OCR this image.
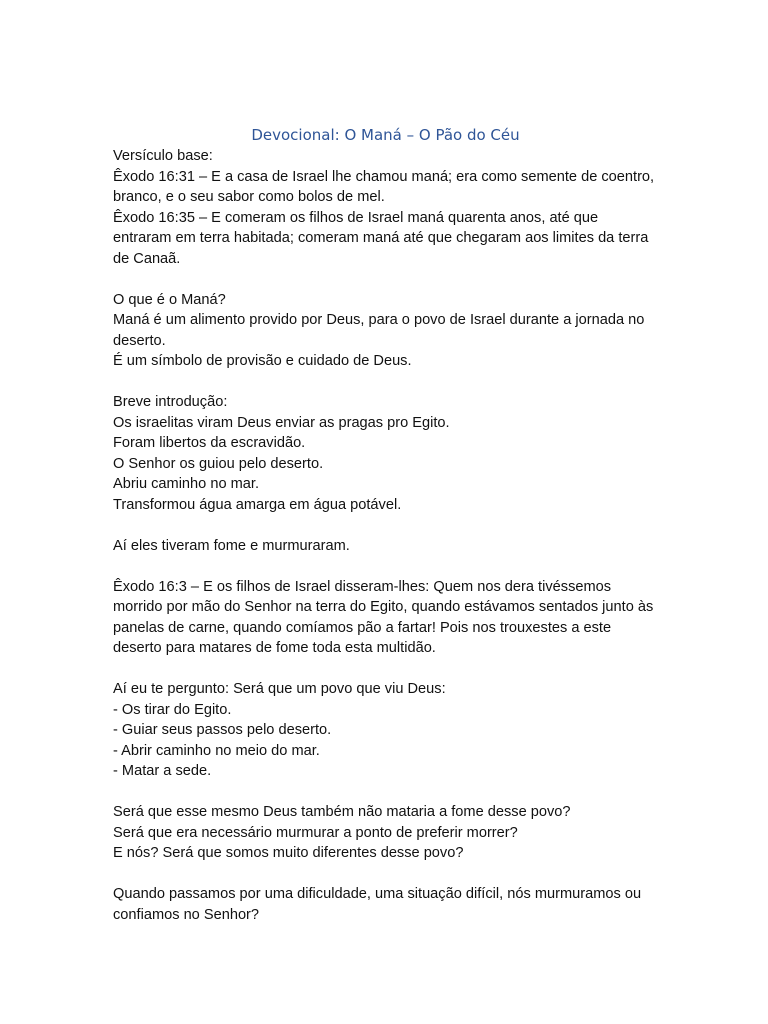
Devocional: O Maná – O Pão do Céu

Versículo base:

Êxodo 16:31 – E a casa de Israel lhe chamou maná; era como semente de coentro, branco, e o seu sabor como bolos de mel.

Êxodo 16:35 – E comeram os filhos de Israel maná quarenta anos, até que entraram em terra habitada; comeram maná até que chegaram aos limites da terra de Canaã.

O que é o Maná?

Maná é um alimento provido por Deus, para o povo de Israel durante a jornada no deserto.

É um símbolo de provisão e cuidado de Deus.

Breve introdução:

Os israelitas viram Deus enviar as pragas pro Egito.

Foram libertos da escravidão.

O Senhor os guiou pelo deserto.

Abriu caminho no mar.

Transformou água amarga em água potável.

Aí eles tiveram fome e murmuraram.

Êxodo 16:3 – E os filhos de Israel disseram-lhes: Quem nos dera tivéssemos morrido por mão do Senhor na terra do Egito, quando estávamos sentados junto às panelas de carne, quando comíamos pão a fartar! Pois nos trouxestes a este deserto para matares de fome toda esta multidão.

Aí eu te pergunto: Será que um povo que viu Deus:

- Os tirar do Egito.

- Guiar seus passos pelo deserto.

- Abrir caminho no meio do mar.

- Matar a sede.

Será que esse mesmo Deus também não mataria a fome desse povo?

Será que era necessário murmurar a ponto de preferir morrer?

E nós? Será que somos muito diferentes desse povo?

Quando passamos por uma dificuldade, uma situação difícil, nós murmuramos ou confiamos no Senhor?
